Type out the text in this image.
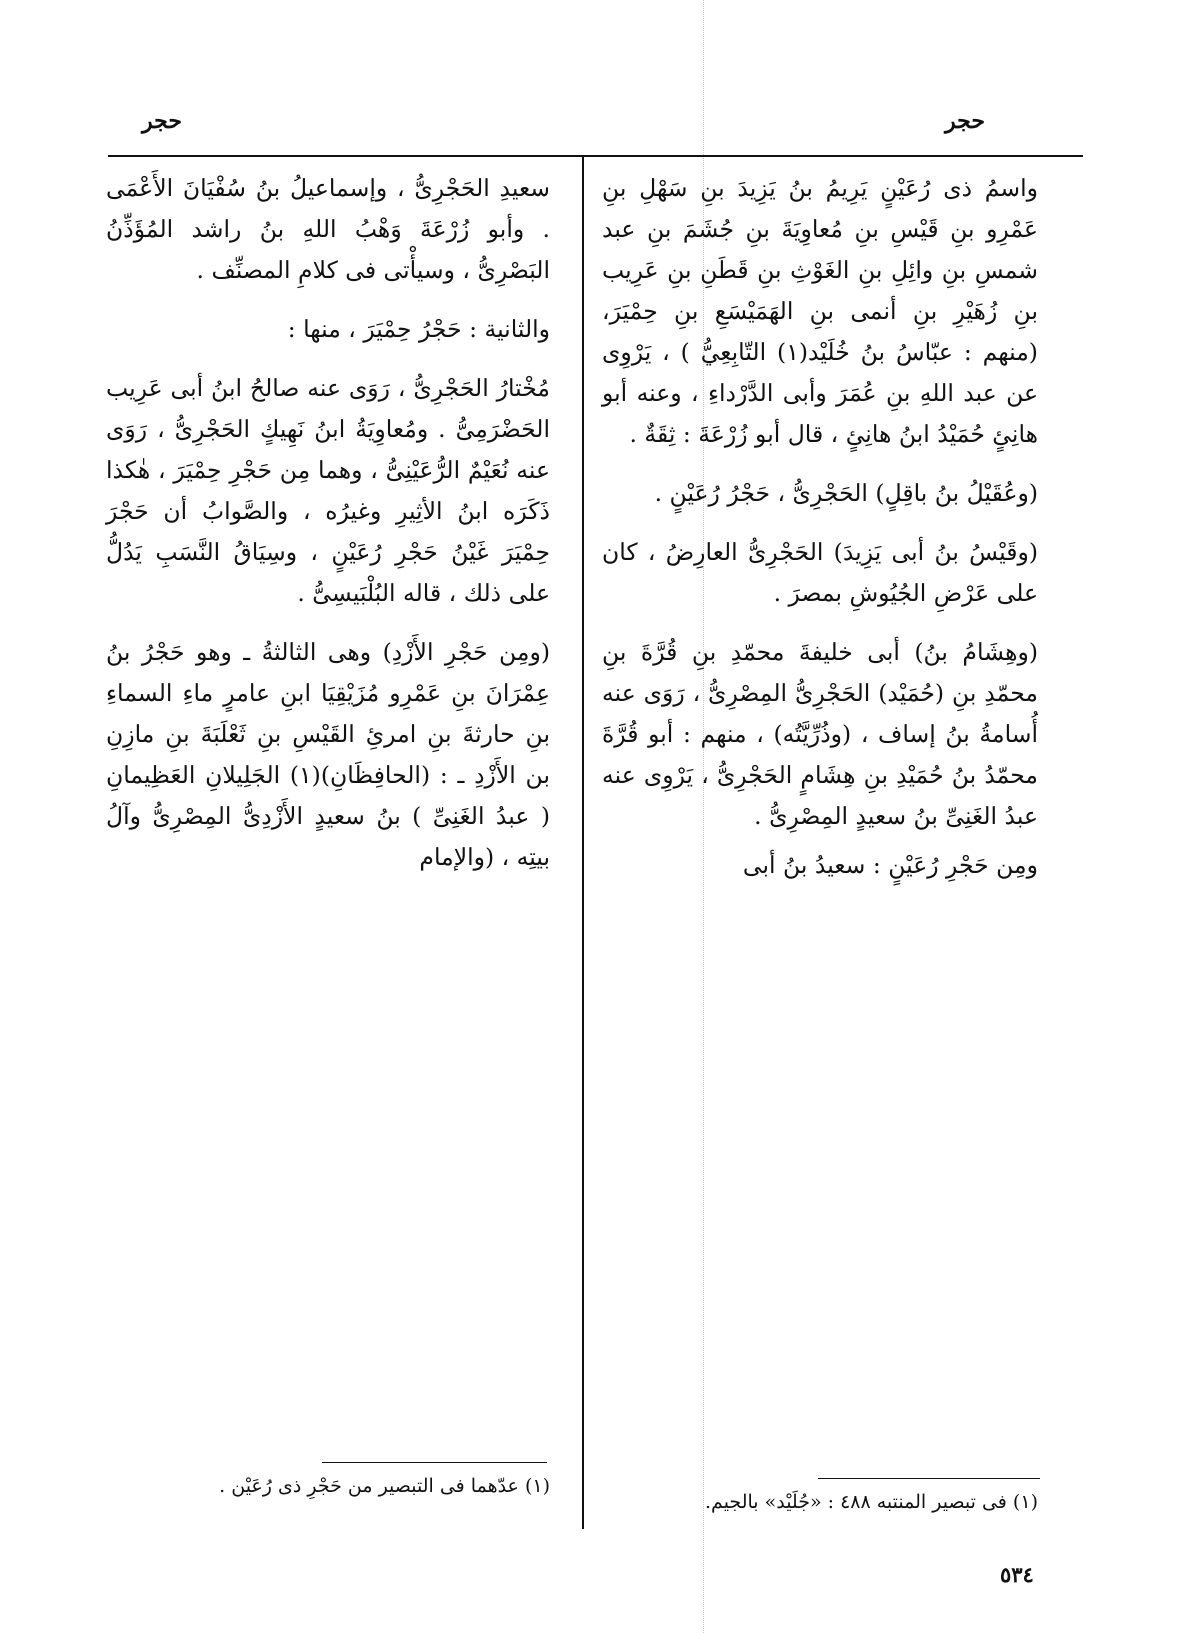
حجر
حجر

واسمُ ذى رُعَيْنٍ يَرِيمُ بنُ يَزِيدَ بنِ سَهْلِ بنِ عَمْرِو بنِ قَيْسِ بنِ مُعاوِيَةَ بنِ جُشَمَ بنِ عبد شمسِ بنِ وائِلِ بنِ الغَوْثِ بنِ قَطَنِ بنِ عَرِيب بنِ زُهَيْرِ بنِ أنمى بنِ الهَمَيْسَعِ بنِ حِمْيَرَ، (منهم : عبّاسُ بنُ خُلَيْد(١) التّابِعِيُّ ) ، يَرْوِى عن عبد اللهِ بنِ عُمَرَ وأبى الدَّرْداءِ ، وعنه أبو هانِئٍ حُمَيْدُ ابنُ هانِئٍ ، قال أبو زُرْعَةَ : ثِقَةٌ .

(وعُقَيْلُ بنُ باقِلٍ) الحَجْرِىُّ ، حَجْرُ رُعَيْنٍ .

(وقَيْسُ بنُ أبى يَزِيدَ) الحَجْرِىُّ العارِضُ ، كان على عَرْضِ الجُيُوشِ بمصرَ .

(وهِشَامُ بنُ) أبى خليفةَ محمّدِ بنِ قُرَّةَ بنِ محمّدِ بنِ (حُمَيْد) الحَجْرِىُّ المِصْرِىُّ ، رَوَى عنه أُسامةُ بنُ إساف ، (وذُرِّيَّتُه) ، منهم : أبو قُرَّةَ محمّدُ بنُ حُمَيْدِ بنِ هِشَامٍ الحَجْرِىُّ ، يَرْوِى عنه عبدُ الغَنِىِّ بنُ سعيدٍ المِصْرِىُّ .

ومِن حَجْرِ رُعَيْنٍ : سعيدُ بنُ أبى

سعيدِ الحَجْرِىُّ ، وإسماعيلُ بنُ سُفْيَانَ الأَعْمَى . وأبو زُرْعَةَ وَهْبُ اللهِ بنُ راشد المُؤَذِّنُ البَصْرِىُّ ، وسيأْتى فى كلامِ المصنِّف .

والثانية : حَجْرُ حِمْيَرَ ، منها :

مُخْتارُ الحَجْرِىُّ ، رَوَى عنه صالحُ ابنُ أبى عَرِيب الحَضْرَمِىُّ . ومُعاوِيَةُ ابنُ نَهِيكٍ الحَجْرِىُّ ، رَوَى عنه نُعَيْمٌ الرُّعَيْنِىُّ ، وهما مِن حَجْرِ حِمْيَرَ ، هٰكذا ذَكَرَه ابنُ الأثِيرِ وغيرُه ، والصَّوابُ أن حَجْرَ حِمْيَرَ غَيْنُ حَجْرِ رُعَيْنٍ ، وسِيَاقُ النَّسَبِ يَدُلُّ على ذلك ، قاله البُلْبَيسِىُّ .

(ومِن حَجْرِ الأَزْدِ) وهى الثالثةُ ـ وهو حَجْرُ بنُ عِمْرَانَ بنِ عَمْرِو مُزَيْقِيَا ابنِ عامرٍ ماءِ السماءِ بنِ حارثةَ بنِ امرئِ القَيْسِ بنِ ثَعْلَبَةَ بنِ مازِنِ بن الأَزْدِ ـ : (الحافِظَانِ)(١) الجَلِيلانِ العَظِيمانِ ( عبدُ الغَنِىِّ ) بنُ سعيدٍ الأَزْدِىُّ المِصْرِىُّ وآلُ بيتِه ، (والإمام

(١) فى تبصير المنتبه ٤٨٨ : «جُلَيْد» بالجيم.
(١) عدّهما فى التبصير من حَجْرِ ذى رُعَيْن .
٥٣٤
